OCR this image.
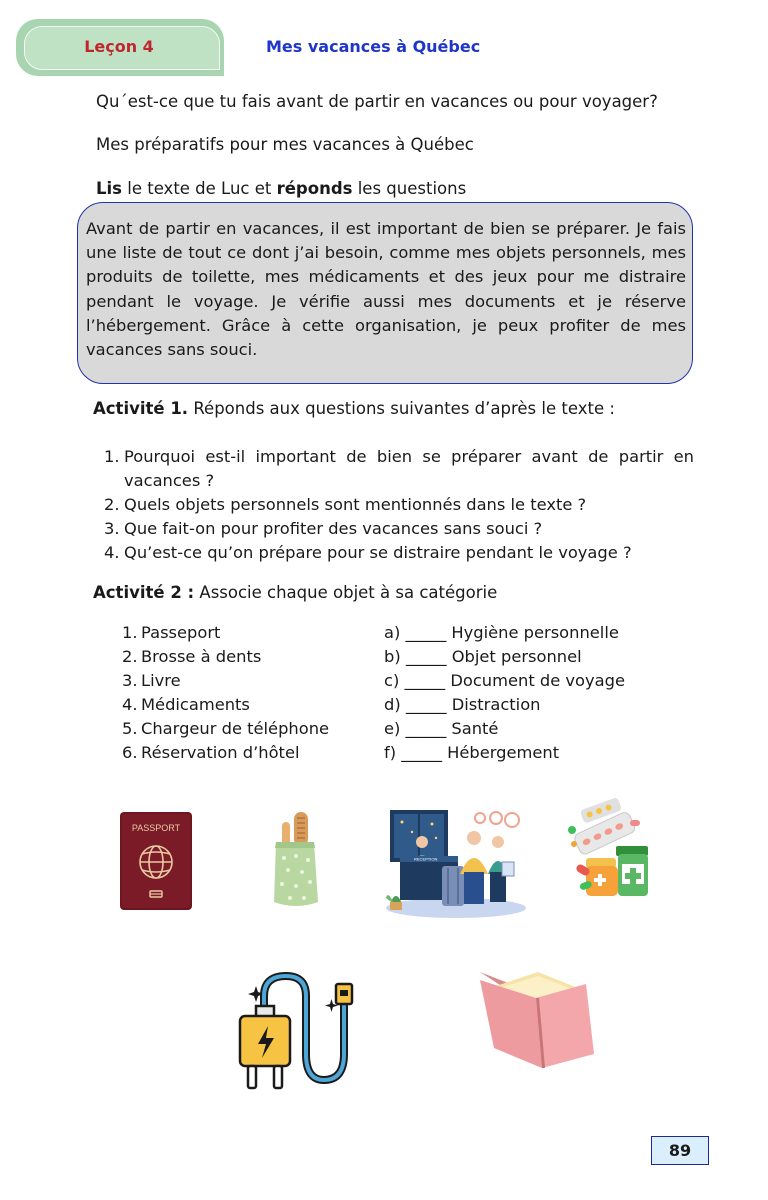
Leçon 4	Mes vacances à Québec
Qu´est-ce que tu fais avant de partir en vacances ou pour voyager?
Mes préparatifs pour mes vacances à Québec
Lis le texte de Luc et réponds les questions
Avant de partir en vacances, il est important de bien se préparer. Je fais une liste de tout ce dont j’ai besoin, comme mes objets personnels, mes produits de toilette, mes médicaments et des jeux pour me distraire pendant le voyage. Je vérifie aussi mes documents et je réserve l’hébergement. Grâce à cette organisation, je peux profiter de mes vacances sans souci.
Activité 1. Réponds aux questions suivantes d’après le texte :
1. Pourquoi est-il important de bien se préparer avant de partir en vacances ?
2. Quels objets personnels sont mentionnés dans le texte ?
3. Que fait-on pour profiter des vacances sans souci ?
4. Qu’est-ce qu’on prépare pour se distraire pendant le voyage ?
Activité 2 : Associe chaque objet à sa catégorie
1. Passeport
2. Brosse à dents
3. Livre
4. Médicaments
5. Chargeur de téléphone
6. Réservation d’hôtel
a) _____ Hygiène personnelle
b) _____ Objet personnel
c) _____ Document de voyage
d) _____ Distraction
e) _____ Santé
f) _____ Hébergement
PASSPORT
RECEPTION
89
